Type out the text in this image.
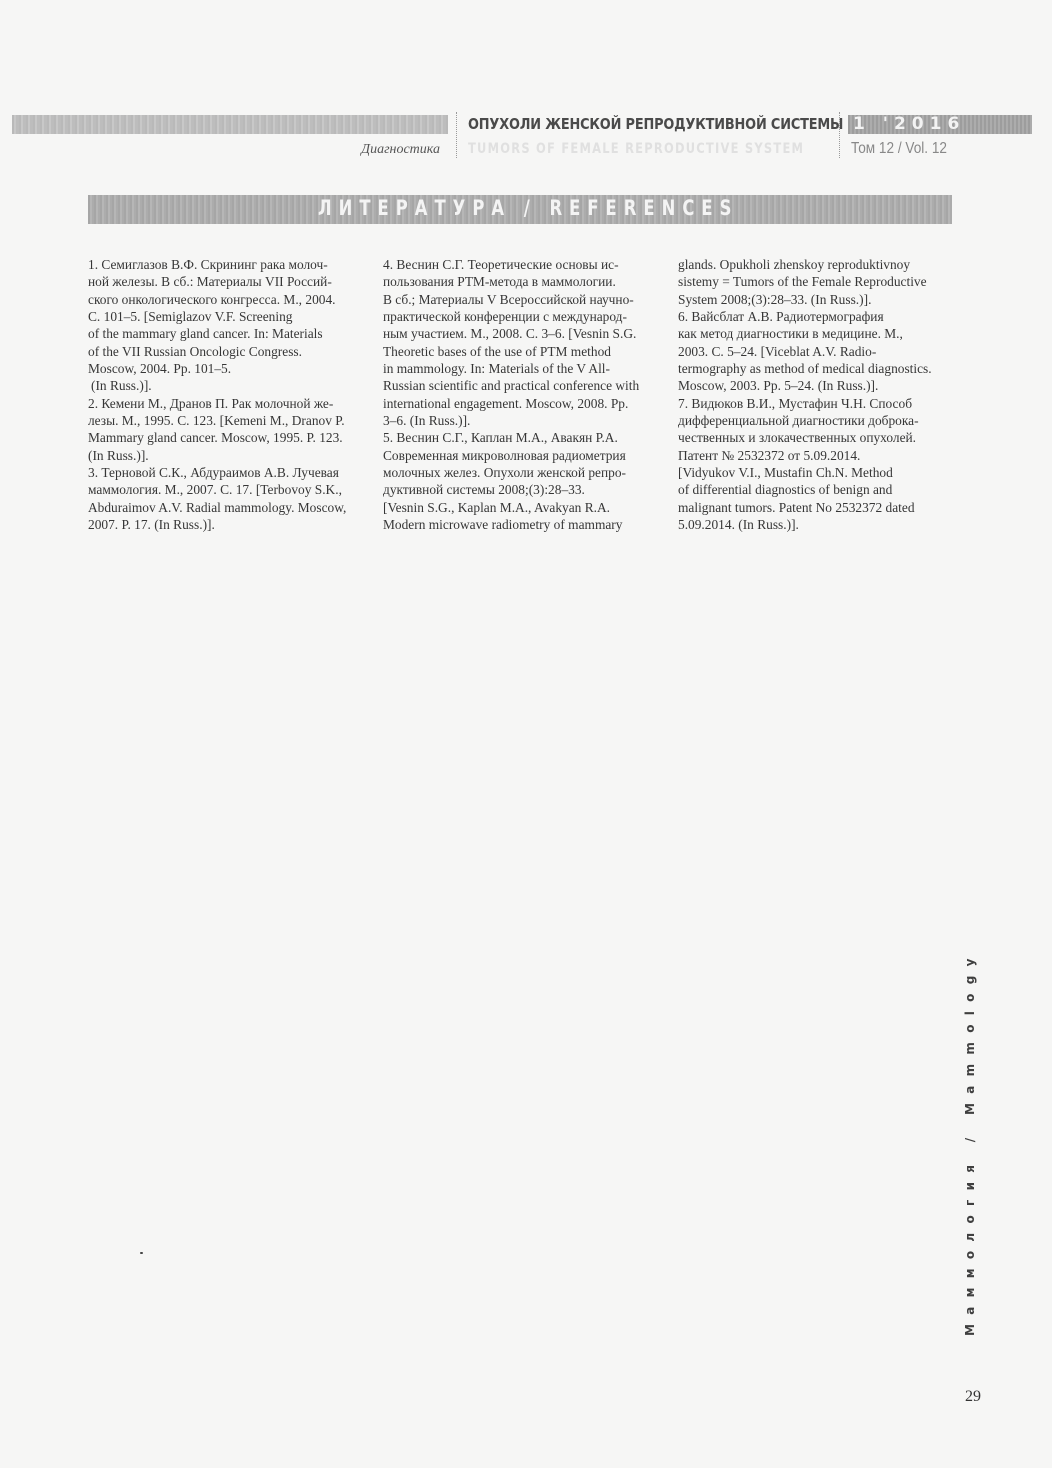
Диагностика
ОПУХОЛИ ЖЕНСКОЙ РЕПРОДУКТИВНОЙ СИСТЕМЫ
TUMORS OF FEMALE REPRODUCTIVE SYSTEM
1 '2016
Том 12 / Vol. 12
ЛИТЕРАТУРА / REFERENCES
1. Семиглазов В.Ф. Скрининг рака молоч-
ной железы. В сб.: Материалы VII Россий-
ского онкологического конгресса. М., 2004.
С. 101–5. [Semiglazov V.F. Screening
of the mammary gland cancer. In: Materials
of the VII Russian Oncologic Congress.
Moscow, 2004. Pp. 101–5.
(In Russ.)].
2. Кемени М., Дранов П. Рак молочной же-
лезы. М., 1995. С. 123. [Kemeni M., Dranov P.
Mammary gland cancer. Moscow, 1995. P. 123.
(In Russ.)].
3. Терновой С.К., Абдураимов А.В. Лучевая
маммология. М., 2007. С. 17. [Terbovoy S.K.,
Abduraimov A.V. Radial mammology. Moscow,
2007. P. 17. (In Russ.)].
4. Веснин С.Г. Теоретические основы ис-
пользования РТМ-метода в маммологии.
В сб.; Материалы V Всероссийской научно-
практической конференции с международ-
ным участием. М., 2008. С. 3–6. [Vesnin S.G.
Theoretic bases of the use of PTM method
in mammology. In: Materials of the V All-
Russian scientific and practical conference with
international engagement. Moscow, 2008. Pp.
3–6. (In Russ.)].
5. Веснин С.Г., Каплан М.А., Авакян Р.А.
Современная микроволновая радиометрия
молочных желез. Опухоли женской репро-
дуктивной системы 2008;(3):28–33.
[Vesnin S.G., Kaplan M.A., Avakyan R.A.
Modern microwave radiometry of mammary
glands. Opukholi zhenskoy reproduktivnoy
sistemy = Tumors of the Female Reproductive
System 2008;(3):28–33. (In Russ.)].
6. Вайсблат А.В. Радиотермография
как метод диагностики в медицине. М.,
2003. С. 5–24. [Viceblat A.V. Radio-
termography as method of medical diagnostics.
Moscow, 2003. Pp. 5–24. (In Russ.)].
7. Видюков В.И., Мустафин Ч.Н. Способ
дифференциальной диагностики доброка-
чественных и злокачественных опухолей.
Патент № 2532372 от 5.09.2014.
[Vidyukov V.I., Mustafin Ch.N. Method
of differential diagnostics of benign and
malignant tumors. Patent No 2532372 dated
5.09.2014. (In Russ.)].
Маммология / Mammology
29
